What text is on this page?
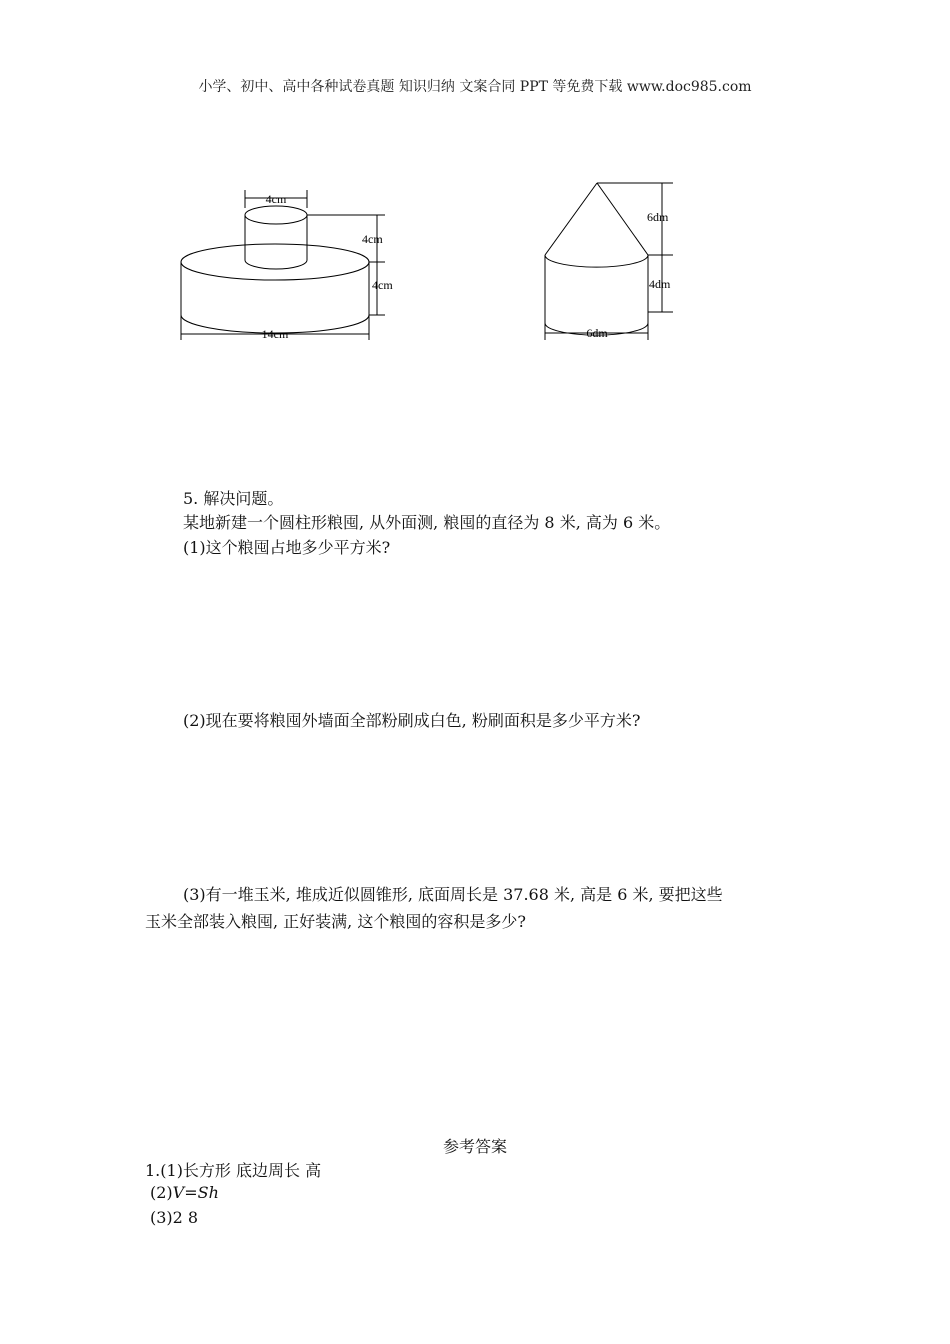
小学、初中、高中各种试卷真题 知识归纳 文案合同 PPT 等免费下载 www.doc985.com
4cm
4cm
4cm
14cm
6dm
4dm
6dm
5. 解决问题。
某地新建一个圆柱形粮囤, 从外面测, 粮囤的直径为 8 米, 高为 6 米。
(1)这个粮囤占地多少平方米?
(2)现在要将粮囤外墙面全部粉刷成白色, 粉刷面积是多少平方米?
(3)有一堆玉米, 堆成近似圆锥形, 底面周长是 37.68 米, 高是 6 米, 要把这些
玉米全部装入粮囤, 正好装满, 这个粮囤的容积是多少?
参考答案
1.(1)长方形 底边周长 高
(2)V=Sh
(3)2 8
